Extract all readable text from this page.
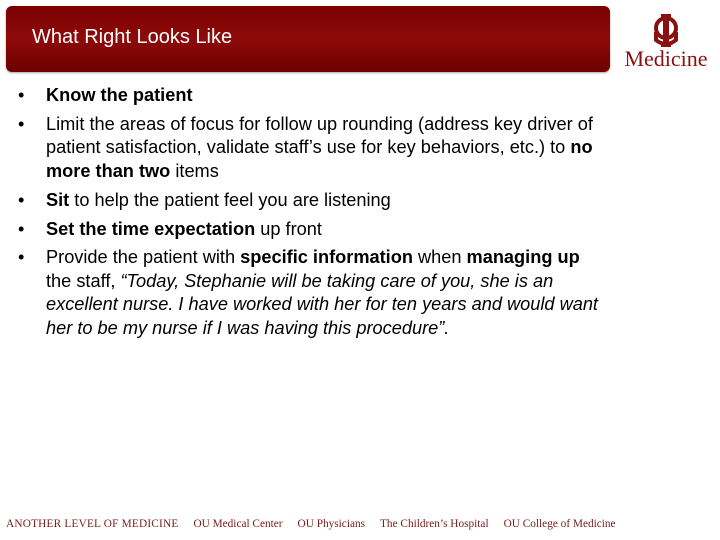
What Right Looks Like
Medicine
• Know the patient
• Limit the areas of focus for follow up rounding (address key driver of patient satisfaction, validate staff’s use for key behaviors, etc.) to no more than two items
• Sit to help the patient feel you are listening
• Set the time expectation up front
• Provide the patient with specific information when managing up the staff, “Today, Stephanie will be taking care of you, she is an excellent nurse. I have worked with her for ten years and would want her to be my nurse if I was having this procedure”.
ANOTHER LEVEL OF MEDICINE OU Medical Center OU Physicians The Children’s Hospital OU College of Medicine
